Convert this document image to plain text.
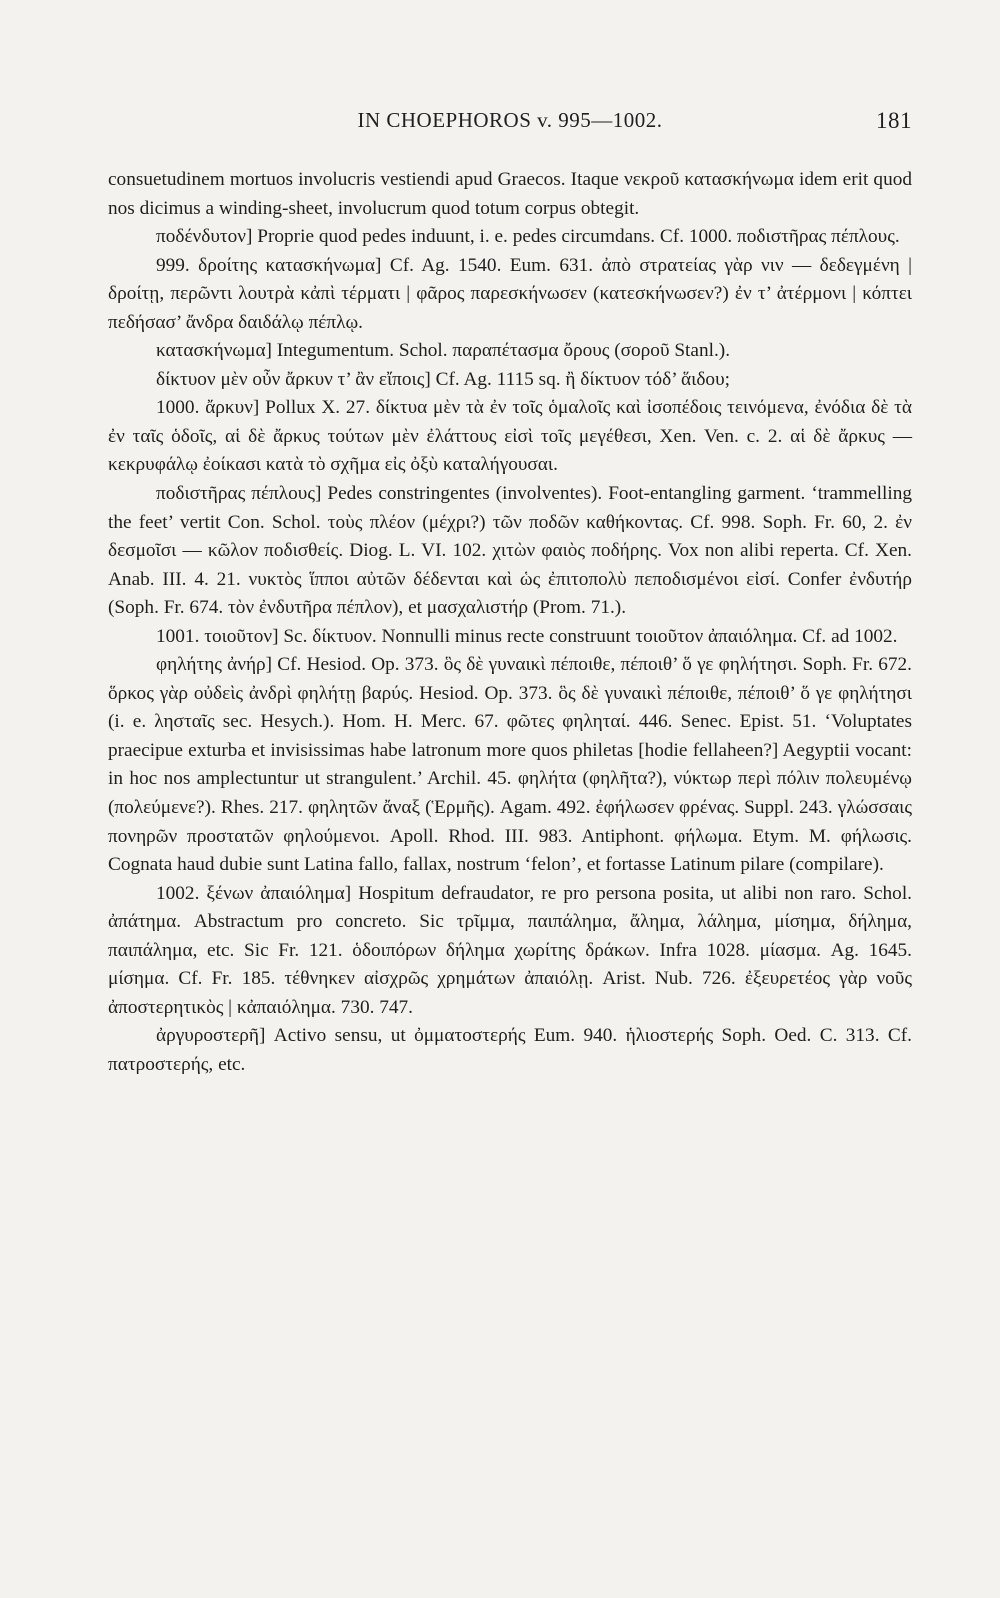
IN CHOEPHOROS v. 995—1002.	181

consuetudinem mortuos involucris vestiendi apud Graecos. Itaque νεκροῦ κατασκήνωμα idem erit quod nos dicimus a winding-sheet, involucrum quod totum corpus obtegit.

ποδένδυτον] Proprie quod pedes induunt, i. e. pedes circumdans. Cf. 1000. ποδιστῆρας πέπλους.

999. δροίτης κατασκήνωμα] Cf. Ag. 1540. Eum. 631. ἀπὸ στρατείας γὰρ νιν — δεδεγμένη | δροίτῃ, περῶντι λουτρὰ κἀπὶ τέρματι | φᾶρος παρεσκήνωσεν (κατεσκήνωσεν?) ἐν τ’ ἀτέρμονι | κόπτει πεδήσασ’ ἄνδρα δαιδάλῳ πέπλῳ.

κατασκήνωμα] Integumentum. Schol. παραπέτασμα ὄρους (σοροῦ Stanl.).

δίκτυον μὲν οὖν ἄρκυν τ’ ἂν εἴποις] Cf. Ag. 1115 sq. ἢ δίκτυον τόδ’ ἅιδου;

1000. ἄρκυν] Pollux X. 27. δίκτυα μὲν τὰ ἐν τοῖς ὁμαλοῖς καὶ ἰσοπέδοις τεινόμενα, ἐνόδια δὲ τὰ ἐν ταῖς ὁδοῖς, αἱ δὲ ἄρκυς τούτων μὲν ἐλάττους εἰσὶ τοῖς μεγέθεσι, Xen. Ven. c. 2. αἱ δὲ ἄρκυς — κεκρυφάλῳ ἐοίκασι κατὰ τὸ σχῆμα εἰς ὀξὺ καταλήγουσαι.

ποδιστῆρας πέπλους] Pedes constringentes (involventes). Foot-entangling garment. ‘trammelling the feet’ vertit Con. Schol. τοὺς πλέον (μέχρι?) τῶν ποδῶν καθήκοντας. Cf. 998. Soph. Fr. 60, 2. ἐν δεσμοῖσι — κῶλον ποδισθείς. Diog. L. VI. 102. χιτὼν φαιὸς ποδήρης. Vox non alibi reperta. Cf. Xen. Anab. III. 4. 21. νυκτὸς ἵπποι αὐτῶν δέδενται καὶ ὡς ἐπιτοπολὺ πεποδισμένοι εἰσί. Confer ἐνδυτήρ (Soph. Fr. 674. τὸν ἐνδυτῆρα πέπλον), et μασχαλιστήρ (Prom. 71.).

1001. τοιοῦτον] Sc. δίκτυον. Nonnulli minus recte construunt τοιοῦτον ἀπαιόλημα. Cf. ad 1002.

φηλήτης ἀνήρ] Cf. Hesiod. Op. 373. ὃς δὲ γυναικὶ πέποιθε, πέποιθ’ ὅ γε φηλήτησι. Soph. Fr. 672. ὅρκος γὰρ οὐδεὶς ἀνδρὶ φηλήτῃ βαρύς. Hesiod. Op. 373. ὃς δὲ γυναικὶ πέποιθε, πέποιθ’ ὅ γε φηλήτησι (i. e. λησταῖς sec. Hesych.). Hom. H. Merc. 67. φῶτες φηληταί. 446. Senec. Epist. 51. ‘Voluptates praecipue exturba et invisissimas habe latronum more quos philetas [hodie fellaheen?] Aegyptii vocant: in hoc nos amplectuntur ut strangulent.’ Archil. 45. φηλήτα (φηλῆτα?), νύκτωρ περὶ πόλιν πολευμένῳ (πολεύμενε?). Rhes. 217. φηλητῶν ἄναξ (Ἑρμῆς). Agam. 492. ἐφήλωσεν φρένας. Suppl. 243. γλώσσαις πονηρῶν προστατῶν φηλούμενοι. Apoll. Rhod. III. 983. Antiphont. φήλωμα. Etym. M. φήλωσις. Cognata haud dubie sunt Latina fallo, fallax, nostrum ‘felon’, et fortasse Latinum pilare (compilare).

1002. ξένων ἀπαιόλημα] Hospitum defraudator, re pro persona posita, ut alibi non raro. Schol. ἀπάτημα. Abstractum pro concreto. Sic τρῖμμα, παιπάλημα, ἄλημα, λάλημα, μίσημα, δήλημα, παιπάλημα, etc. Sic Fr. 121. ὁδοιπόρων δήλημα χωρίτης δράκων. Infra 1028. μίασμα. Ag. 1645. μίσημα. Cf. Fr. 185. τέθνηκεν αἰσχρῶς χρημάτων ἀπαιόλῃ. Arist. Nub. 726. ἐξευρετέος γὰρ νοῦς ἀποστερητικὸς | κἀπαιόλημα. 730. 747.

ἀργυροστερῆ] Activo sensu, ut ὀμματοστερής Eum. 940. ἡλιοστερής Soph. Oed. C. 313. Cf. πατροστερής, etc.
